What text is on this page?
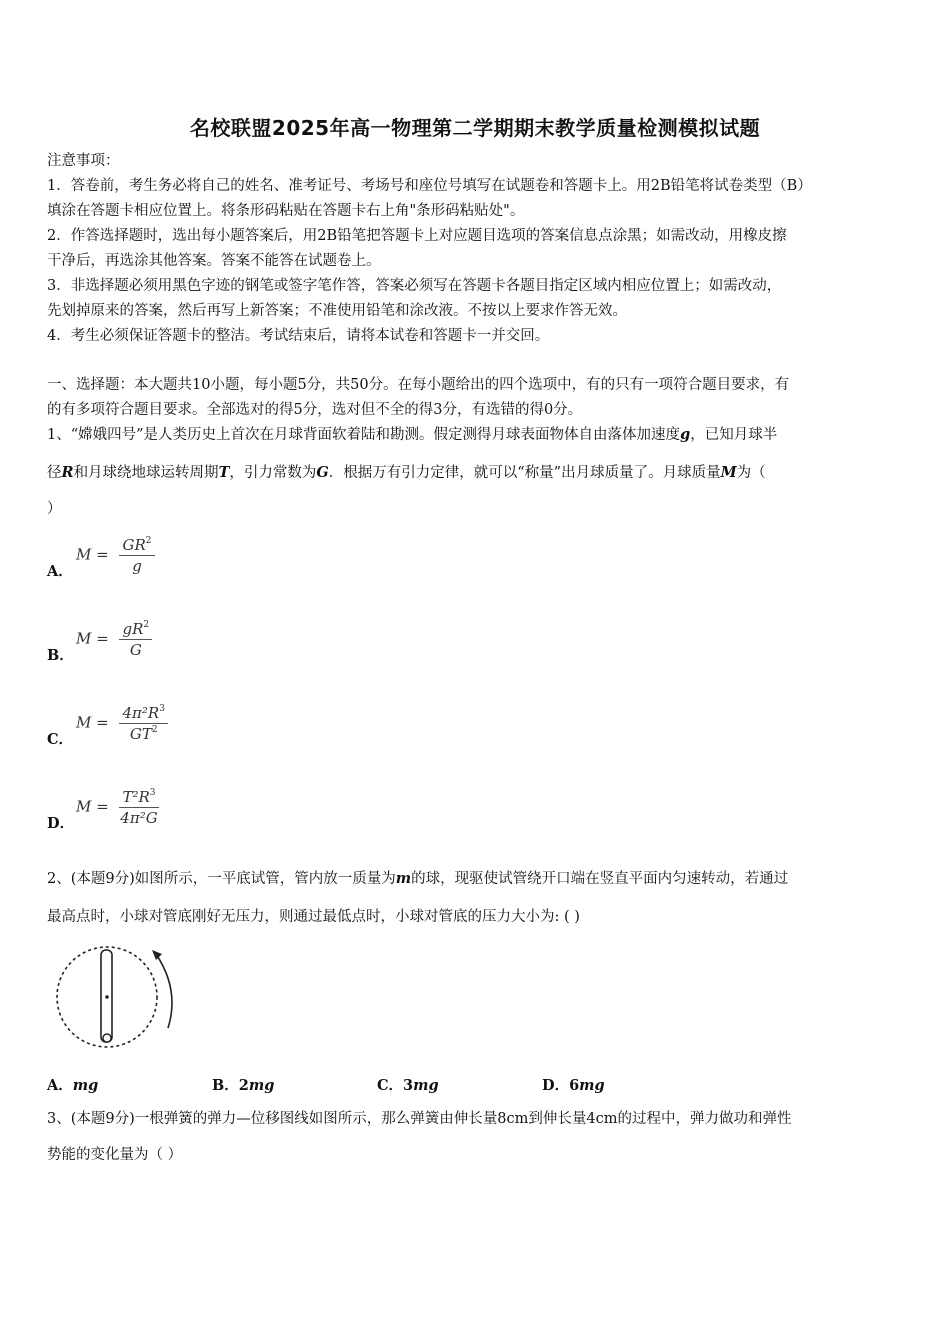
名校联盟2025年高一物理第二学期期末教学质量检测模拟试题
注意事项：
1．答卷前，考生务必将自己的姓名、准考证号、考场号和座位号填写在试题卷和答题卡上。用2B铅笔将试卷类型（B）
填涂在答题卡相应位置上。将条形码粘贴在答题卡右上角"条形码粘贴处"。
2．作答选择题时，选出每小题答案后，用2B铅笔把答题卡上对应题目选项的答案信息点涂黑；如需改动，用橡皮擦
干净后，再选涂其他答案。答案不能答在试题卷上。
3．非选择题必须用黑色字迹的钢笔或签字笔作答，答案必须写在答题卡各题目指定区域内相应位置上；如需改动，
先划掉原来的答案，然后再写上新答案；不准使用铅笔和涂改液。不按以上要求作答无效。
4．考生必须保证答题卡的整洁。考试结束后，请将本试卷和答题卡一并交回。
一、选择题：本大题共10小题，每小题5分，共50分。在每小题给出的四个选项中，有的只有一项符合题目要求，有
的有多项符合题目要求。全部选对的得5分，选对但不全的得3分，有选错的得0分。
1、“嫦娥四号”是人类历史上首次在月球背面软着陆和勘测。假定测得月球表面物体自由落体加速度g，已知月球半
径R和月球绕地球运转周期T，引力常数为G．根据万有引力定律，就可以“称量”出月球质量了。月球质量M为（
）
A．
$M = \frac{GR^2}{g}$
B．
$M = \frac{gR^2}{G}$
C．
$M = \frac{4\pi^2R^3}{GT^2}$
D．
$M = \frac{T^2R^3}{\text{4π²G}}$
2、(本题9分)如图所示，一平底试管，管内放一质量为m的球，现驱使试管绕开口端在竖直平面内匀速转动，若通过
最高点时，小球对管底刚好无压力，则通过最低点时，小球对管底的压力大小为: ( )
A．mg	B．2mg	C．3mg	D．6mg
3、(本题9分)一根弹簧的弹力—位移图线如图所示，那么弹簧由伸长量8cm到伸长量4cm的过程中，弹力做功和弹性
势能的变化量为（ ）
